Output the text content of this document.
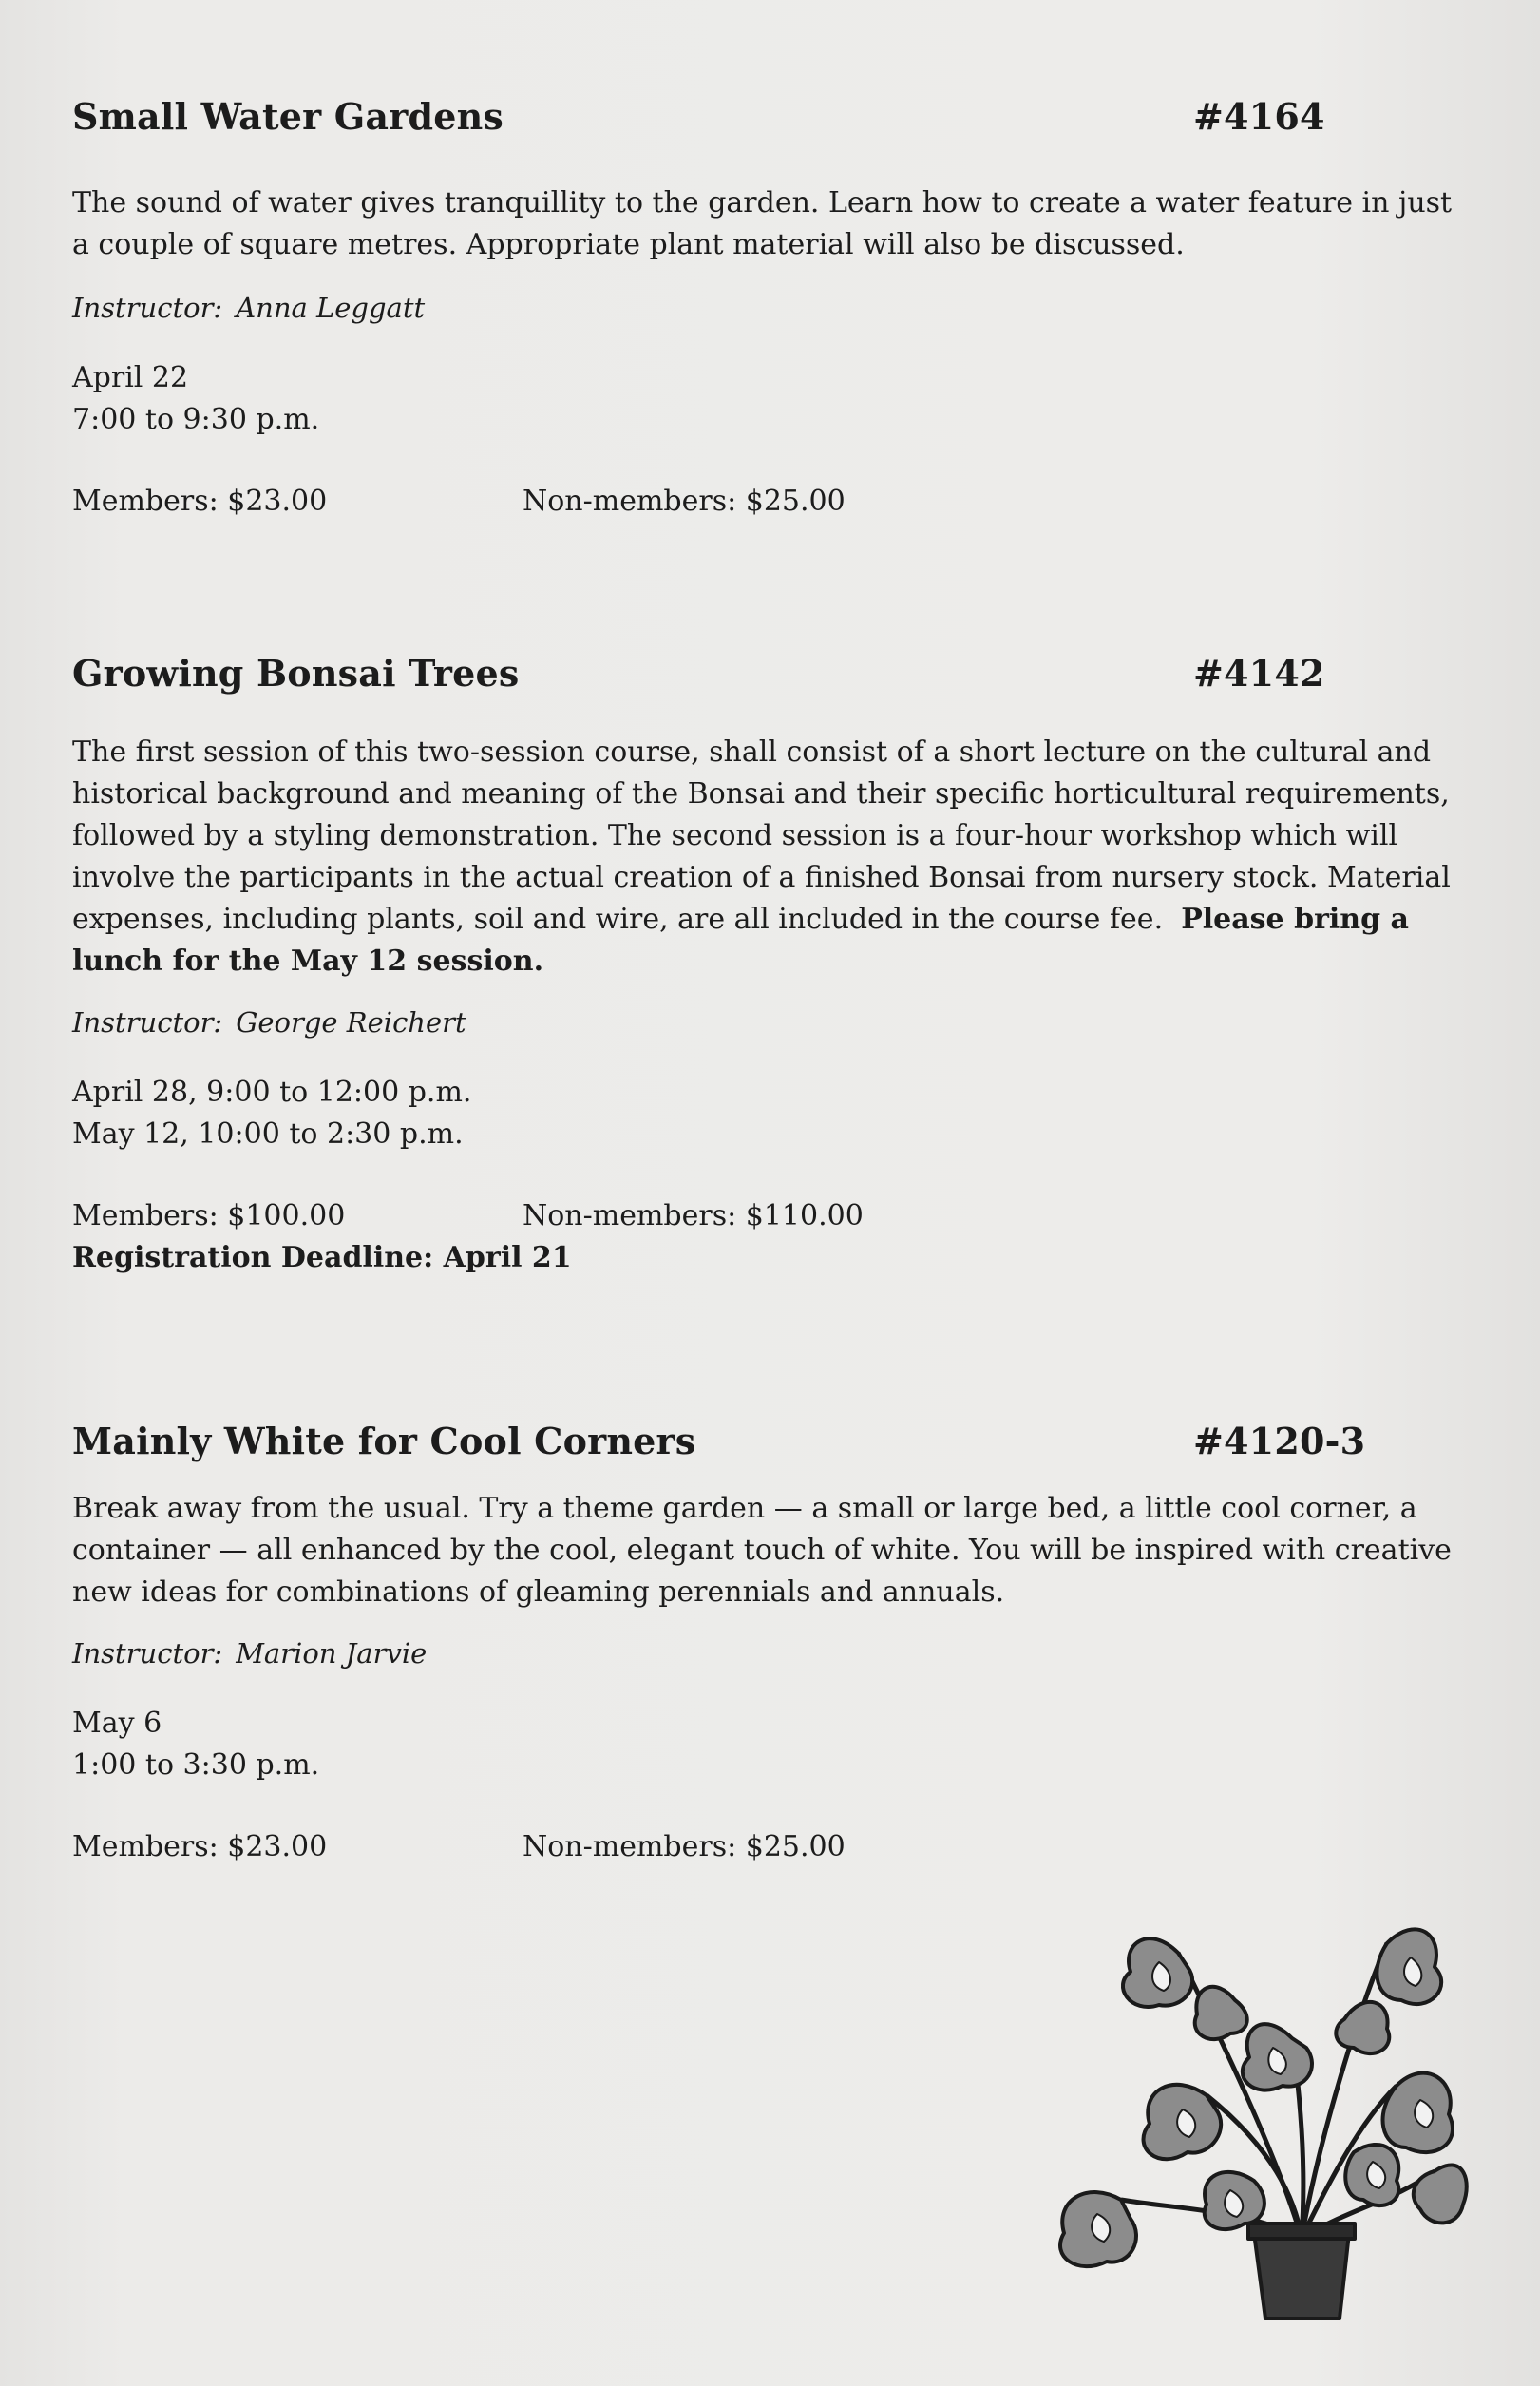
Small Water Gardens	#4164
The sound of water gives tranquillity to the garden. Learn how to create a water feature in just a couple of square metres. Appropriate plant material will also be discussed.
Instructor: Anna Leggatt
April 22
7:00 to 9:30 p.m.
Members: $23.00	Non-members: $25.00
Growing Bonsai Trees	#4142
The first session of this two-session course, shall consist of a short lecture on the cultural and historical background and meaning of the Bonsai and their specific horticultural requirements, followed by a styling demonstration. The second session is a four-hour workshop which will involve the participants in the actual creation of a finished Bonsai from nursery stock. Material expenses, including plants, soil and wire, are all included in the course fee. Please bring a lunch for the May 12 session.
Instructor: George Reichert
April 28, 9:00 to 12:00 p.m.
May 12, 10:00 to 2:30 p.m.
Members: $100.00	Non-members: $110.00
Registration Deadline: April 21
Mainly White for Cool Corners	#4120-3
Break away from the usual. Try a theme garden — a small or large bed, a little cool corner, a container — all enhanced by the cool, elegant touch of white. You will be inspired with creative new ideas for combinations of gleaming perennials and annuals.
Instructor: Marion Jarvie
May 6
1:00 to 3:30 p.m.
Members: $23.00	Non-members: $25.00
